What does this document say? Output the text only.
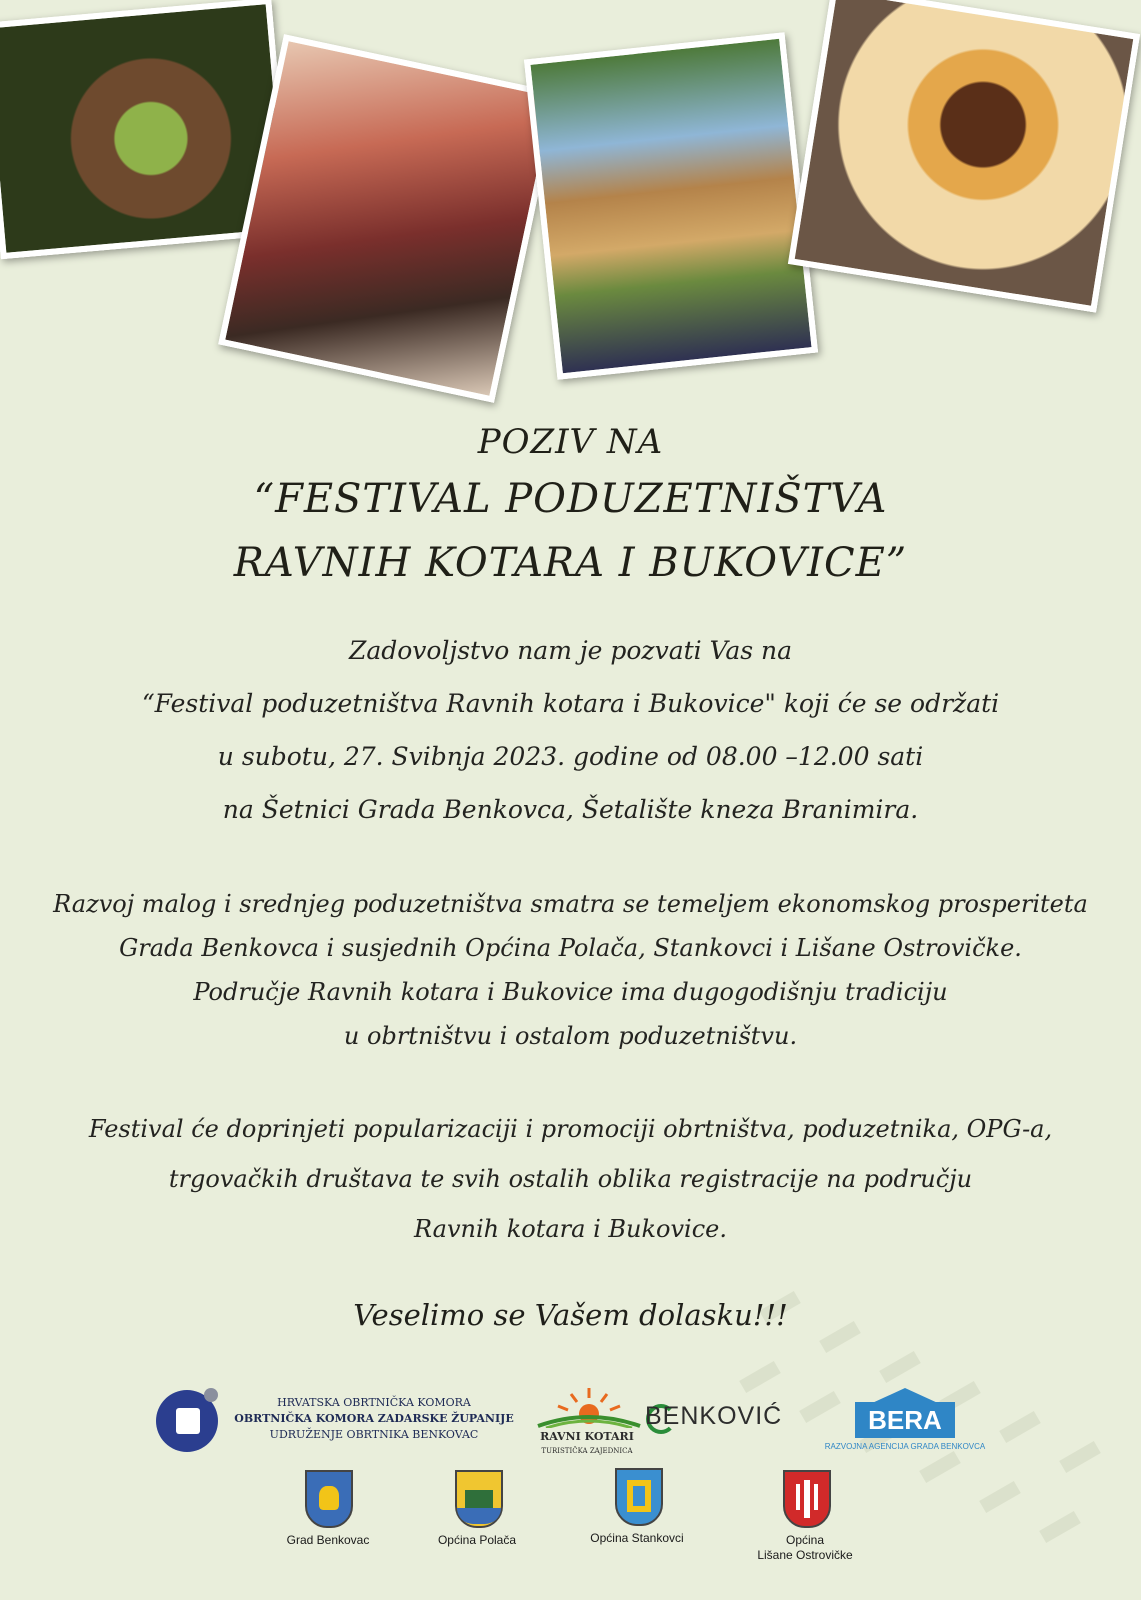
POZIV NA
“FESTIVAL PODUZETNIŠTVA
RAVNIH KOTARA I BUKOVICE”
Zadovoljstvo nam je pozvati Vas na
“Festival poduzetništva Ravnih kotara i Bukovice" koji će se održati
u subotu, 27. Svibnja 2023. godine od 08.00 –12.00 sati
na Šetnici Grada Benkovca, Šetalište kneza Branimira.
Razvoj malog i srednjeg poduzetništva smatra se temeljem ekonomskog prosperiteta
Grada Benkovca i susjednih Općina Polača, Stankovci i Lišane Ostrovičke.
Područje Ravnih kotara i Bukovice ima dugogodišnju tradiciju
u obrtništvu i ostalom poduzetništvu.
Festival će doprinjeti popularizaciji i promociji obrtništva, poduzetnika, OPG-a,
trgovačkih društava te svih ostalih oblika registracije na području
Ravnih kotara i Bukovice.
Veselimo se Vašem dolasku!!!
HRVATSKA OBRTNIČKA KOMORA
OBRTNIČKA KOMORA ZADARSKE ŽUPANIJE
UDRUŽENJE OBRTNIKA BENKOVAC	RAVNI KOTARI
TURISTIČKA ZAJEDNICA
BENKOVIĆ	BERA
RAZVOJNA AGENCIJA GRADA BENKOVCA
Grad Benkovac	Općina Polača	Općina Stankovci	Općina
Lišane Ostrovičke
